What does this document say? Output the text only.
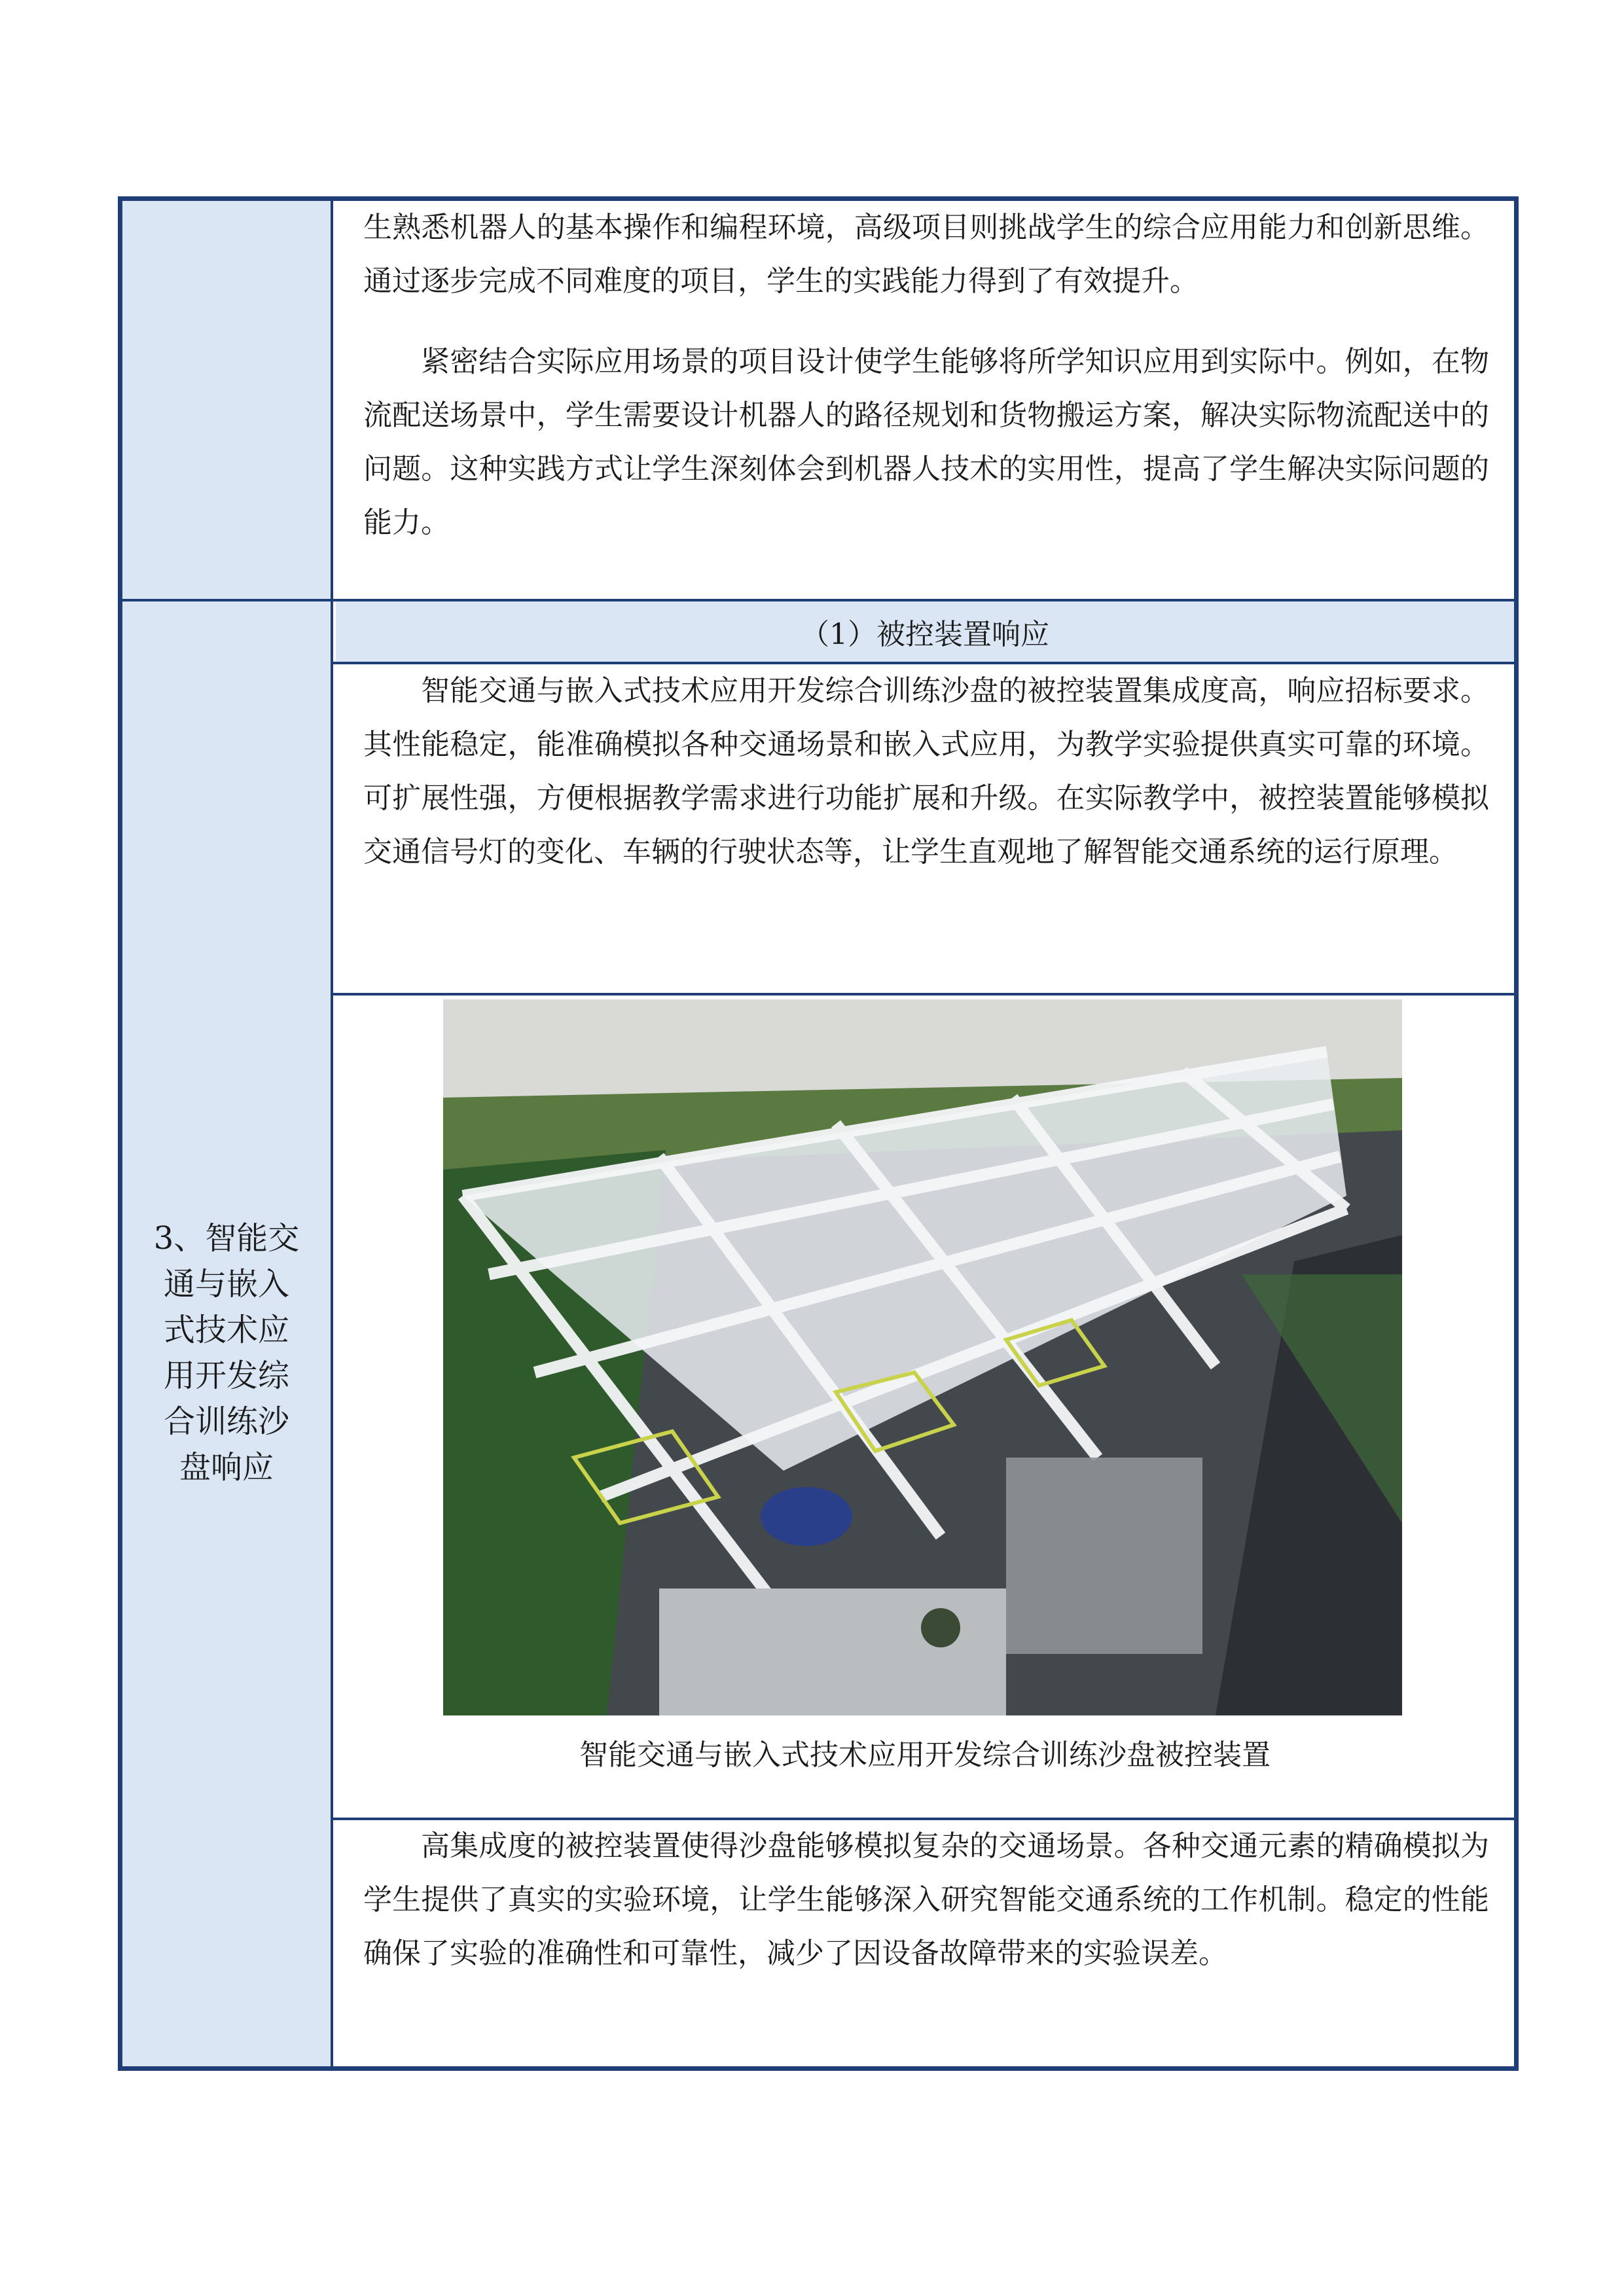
生熟悉机器人的基本操作和编程环境，高级项目则挑战学生的综合应用能力和创新思维。通过逐步完成不同难度的项目，学生的实践能力得到了有效提升。

紧密结合实际应用场景的项目设计使学生能够将所学知识应用到实际中。例如，在物流配送场景中，学生需要设计机器人的路径规划和货物搬运方案，解决实际物流配送中的问题。这种实践方式让学生深刻体会到机器人技术的实用性，提高了学生解决实际问题的能力。

3、智能交通与嵌入式技术应用开发综合训练沙盘响应
（1）被控装置响应

智能交通与嵌入式技术应用开发综合训练沙盘的被控装置集成度高，响应招标要求。其性能稳定，能准确模拟各种交通场景和嵌入式应用，为教学实验提供真实可靠的环境。可扩展性强，方便根据教学需求进行功能扩展和升级。在实际教学中，被控装置能够模拟交通信号灯的变化、车辆的行驶状态等，让学生直观地了解智能交通系统的运行原理。

智能交通与嵌入式技术应用开发综合训练沙盘被控装置

高集成度的被控装置使得沙盘能够模拟复杂的交通场景。各种交通元素的精确模拟为学生提供了真实的实验环境，让学生能够深入研究智能交通系统的工作机制。稳定的性能确保了实验的准确性和可靠性，减少了因设备故障带来的实验误差。
